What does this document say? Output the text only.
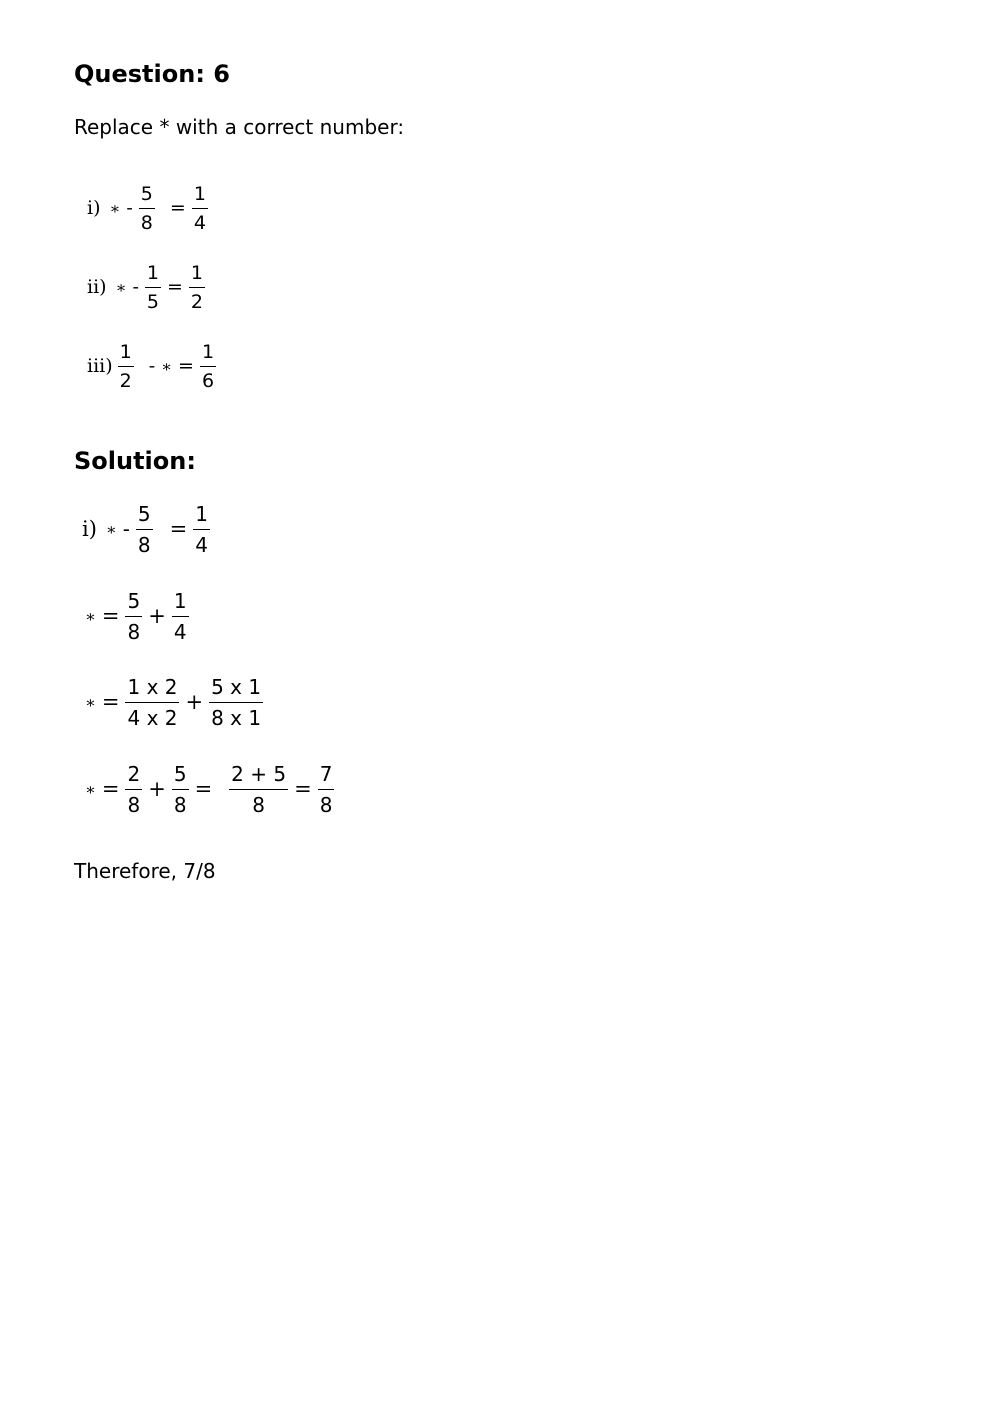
Question: 6

Replace * with a correct number:

i) ∗ - $\frac{5}{8} = \frac{1}{4}$
ii) ∗ - $\frac{1}{5} = \frac{1}{2}$
$iii) \frac{1}{2}$ - ∗ = $\frac{1}{6}$
Solution:
i) ∗ - $\frac{5}{8} = \frac{1}{4}$
∗ = $\frac{5}{8} + \frac{1}{4}$
∗ = $\frac{1 x 2}{4 x 2} + \frac{5 x 1}{8 x 1}$
∗ = $\frac{2}{8} + \frac{5}{8} = \frac{2 + 5}{8} = \frac{7}{8}$

Therefore, 7/8
